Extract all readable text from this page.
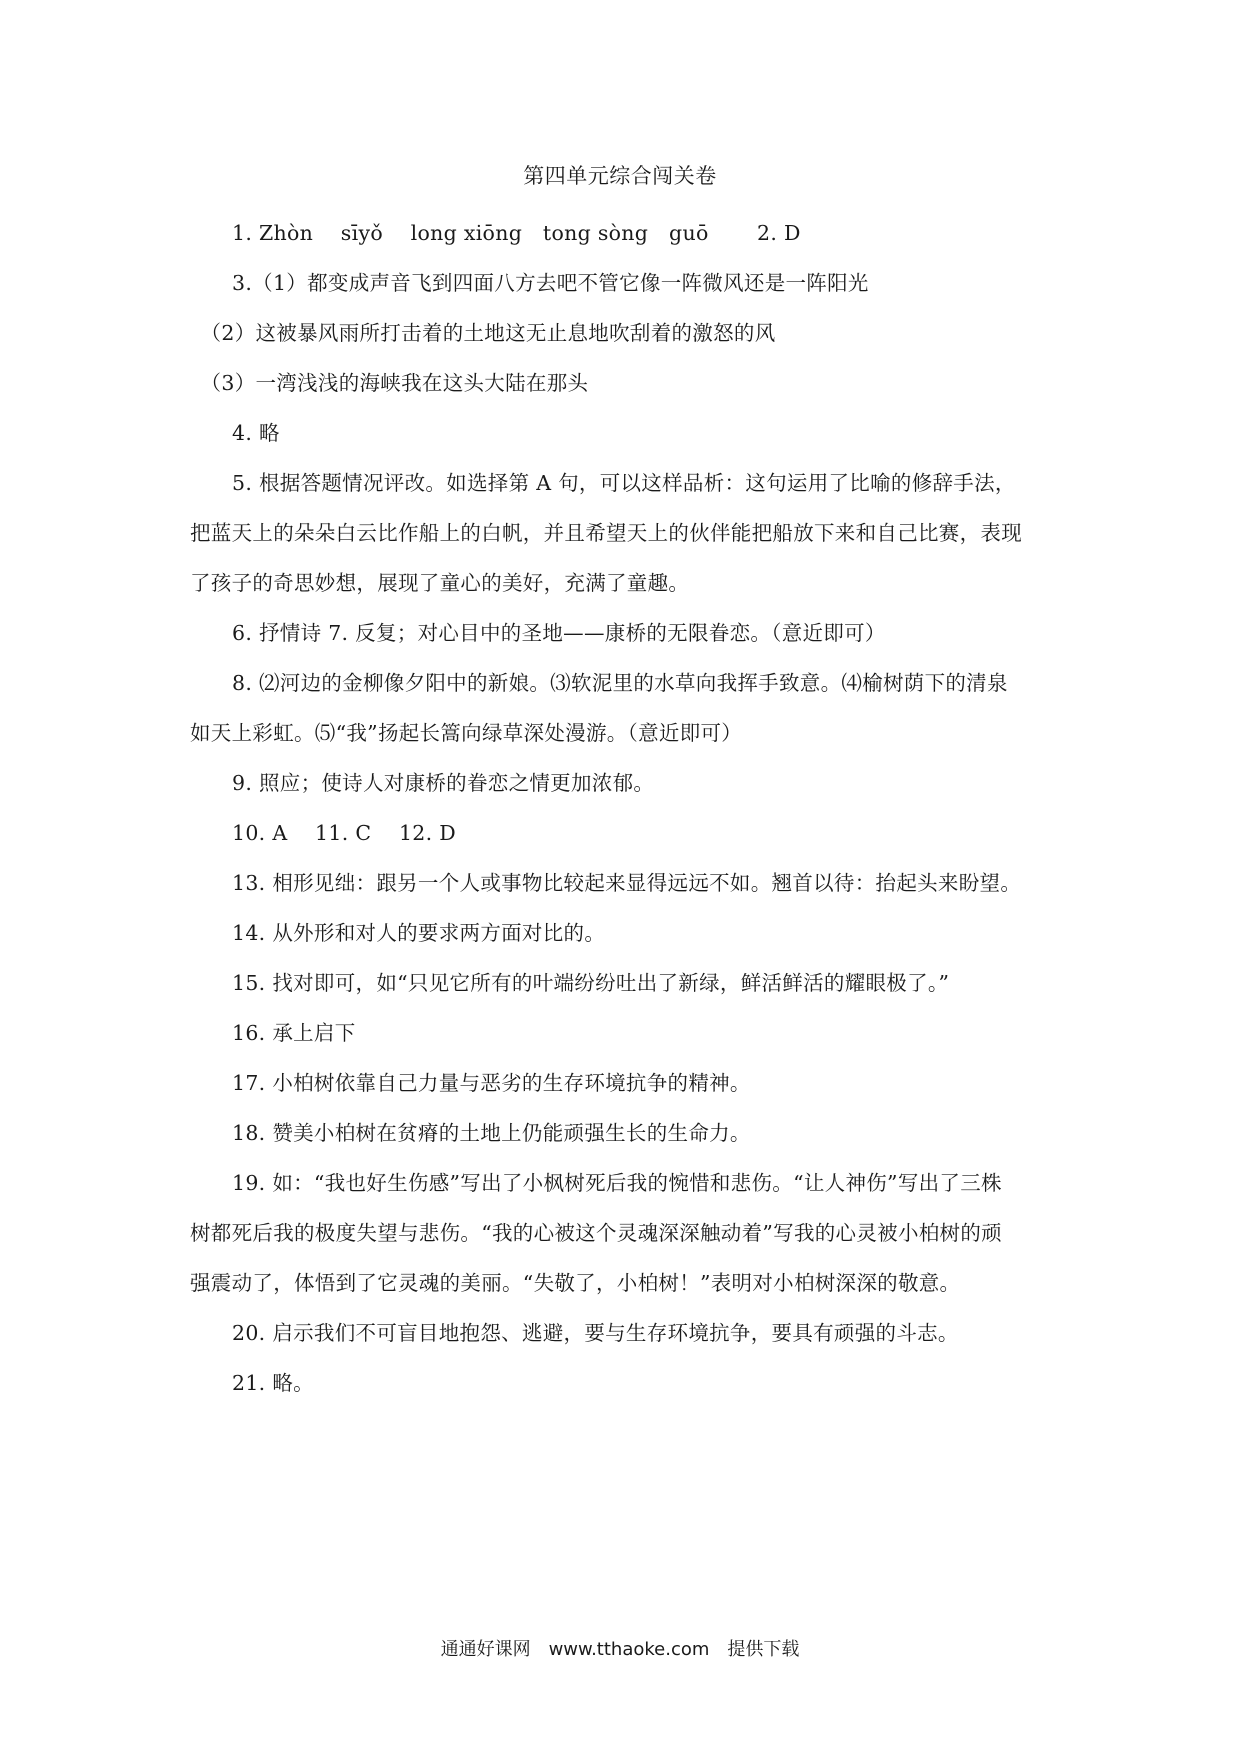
第四单元综合闯关卷
1. Zhòn　 sīyǒ　 long xiōng　tong sòng　guō　　 2. D
3.（1）都变成声音飞到四面八方去吧不管它像一阵微风还是一阵阳光
　（2）这被暴风雨所打击着的土地这无止息地吹刮着的激怒的风
　（3）一湾浅浅的海峡我在这头大陆在那头
4. 略
5. 根据答题情况评改。如选择第 A 句，可以这样品析：这句运用了比喻的修辞手法，
把蓝天上的朵朵白云比作船上的白帆，并且希望天上的伙伴能把船放下来和自己比赛，表现
了孩子的奇思妙想，展现了童心的美好，充满了童趣。
6. 抒情诗 7. 反复；对心目中的圣地——康桥的无限眷恋。（意近即可）
8. ⑵河边的金柳像夕阳中的新娘。⑶软泥里的水草向我挥手致意。⑷榆树荫下的清泉
如天上彩虹。⑸“我”扬起长篙向绿草深处漫游。（意近即可）
9. 照应；使诗人对康桥的眷恋之情更加浓郁。
10. A　 11. C　 12. D
13. 相形见绌：跟另一个人或事物比较起来显得远远不如。翘首以待：抬起头来盼望。
14. 从外形和对人的要求两方面对比的。
15. 找对即可，如“只见它所有的叶端纷纷吐出了新绿，鲜活鲜活的耀眼极了。”
16. 承上启下
17. 小柏树依靠自己力量与恶劣的生存环境抗争的精神。
18. 赞美小柏树在贫瘠的土地上仍能顽强生长的生命力。
19. 如：“我也好生伤感”写出了小枫树死后我的惋惜和悲伤。“让人神伤”写出了三株
树都死后我的极度失望与悲伤。“我的心被这个灵魂深深触动着”写我的心灵被小柏树的顽
强震动了，体悟到了它灵魂的美丽。“失敬了，小柏树！”表明对小柏树深深的敬意。
20. 启示我们不可盲目地抱怨、逃避，要与生存环境抗争，要具有顽强的斗志。
21. 略。
通通好课网　www.tthaoke.com　提供下载
